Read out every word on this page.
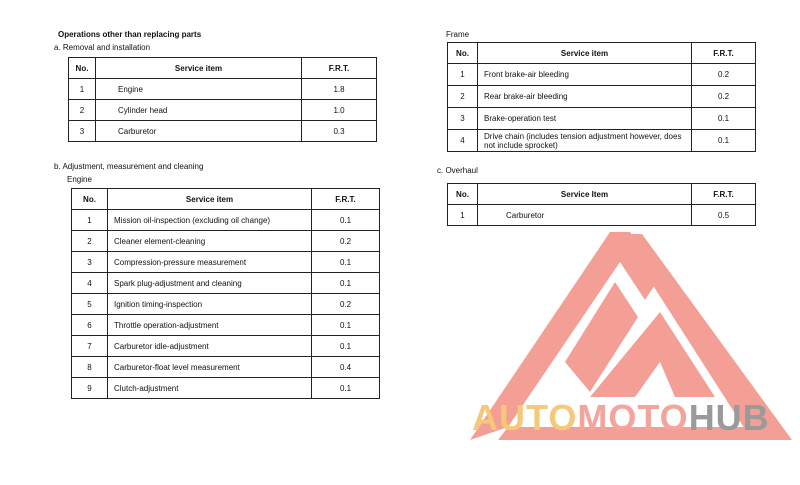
Operations other than replacing parts
a. Removal and installation
b. Adjustment, measurement and cleaning
Engine
Frame
c. Overhaul
No.	Service item	F.R.T.
1	Engine	1.8
2	Cylinder head	1.0
3	Carburetor	0.3
No.	Service item	F.R.T.
1	Mission oil-inspection (excluding oil change)	0.1
2	Cleaner element-cleaning	0.2
3	Compression-pressure measurement	0.1
4	Spark plug-adjustment and cleaning	0.1
5	Ignition timing-inspection	0.2
6	Throttle operation-adjustment	0.1
7	Carburetor idle-adjustment	0.1
8	Carburetor-float level measurement	0.4
9	Clutch-adjustment	0.1
No.	Service item	F.R.T.
1	Front brake-air bleeding	0.2
2	Rear brake-air bleeding	0.2
3	Brake-operation test	0.1
4	Drive chain (includes tension adjustment however, does not include sprocket)	0.1
No.	Service Item	F.R.T.
1	Carburetor	0.5
AUTOMOTOHUB
